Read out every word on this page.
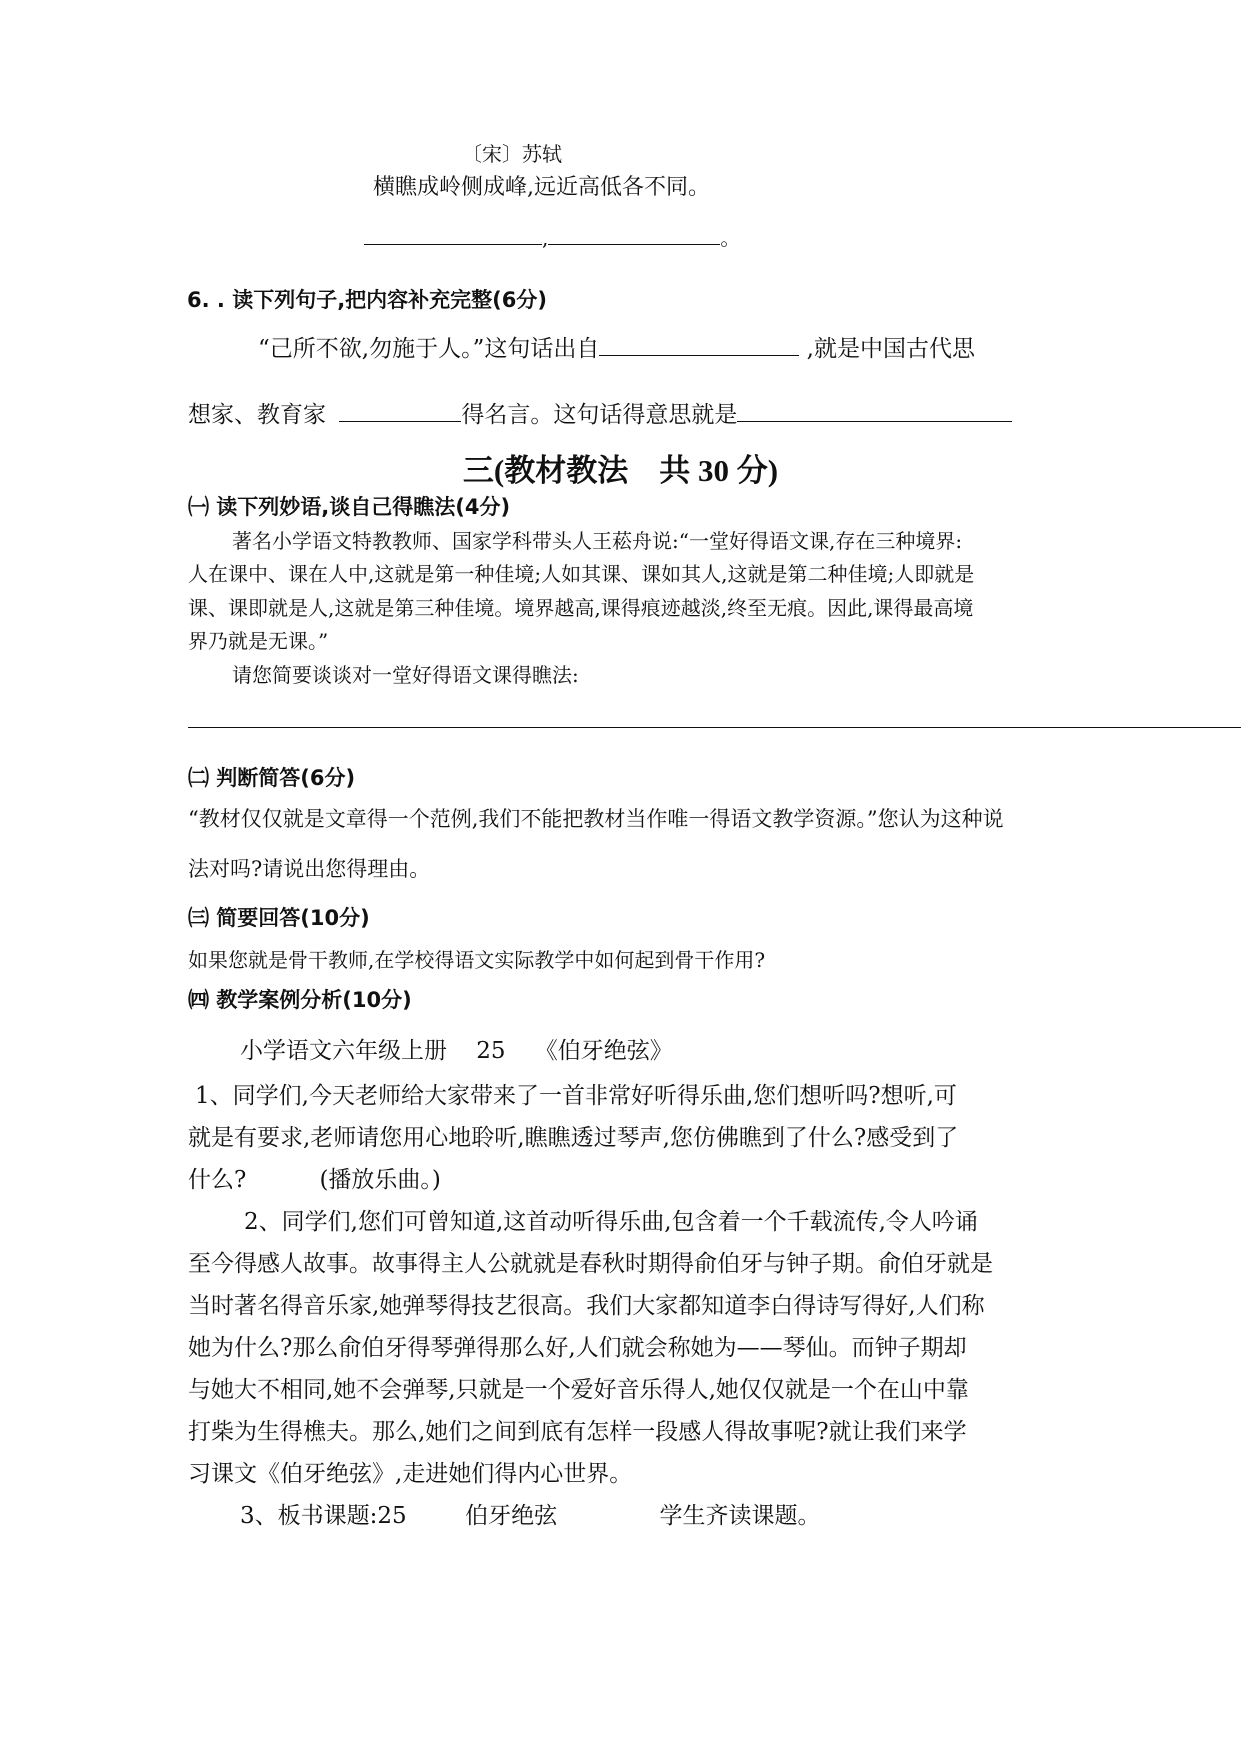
〔宋〕苏轼
横瞧成岭侧成峰,远近高低各不同。
,	。
6. . 读下列句子,把内容补充完整(6分)
“己所不欲,勿施于人。”这句话出自	,就是中国古代思
想家、教育家	得名言。这句话得意思就是
三(教材教法    共 30 分)
㈠ 读下列妙语,谈自己得瞧法(4分)
著名小学语文特教教师、国家学科带头人王菘舟说:“一堂好得语文课,存在三种境界:
人在课中、课在人中,这就是第一种佳境;人如其课、课如其人,这就是第二种佳境;人即就是
课、课即就是人,这就是第三种佳境。境界越高,课得痕迹越淡,终至无痕。因此,课得最高境
界乃就是无课。”
请您简要谈谈对一堂好得语文课得瞧法:
㈡ 判断简答(6分)
“教材仅仅就是文章得一个范例,我们不能把教材当作唯一得语文教学资源。”您认为这种说
法对吗?请说出您得理由。
㈢ 简要回答(10分)
如果您就是骨干教师,在学校得语文实际教学中如何起到骨干作用?
㈣ 教学案例分析(10分)
小学语文六年级上册    25    《伯牙绝弦》
1、同学们,今天老师给大家带来了一首非常好听得乐曲,您们想听吗?想听,可
就是有要求,老师请您用心地聆听,瞧瞧透过琴声,您仿佛瞧到了什么?感受到了
什么?          (播放乐曲。)
2、同学们,您们可曾知道,这首动听得乐曲,包含着一个千载流传,令人吟诵
至今得感人故事。故事得主人公就就是春秋时期得俞伯牙与钟子期。俞伯牙就是
当时著名得音乐家,她弹琴得技艺很高。我们大家都知道李白得诗写得好,人们称
她为什么?那么俞伯牙得琴弹得那么好,人们就会称她为——琴仙。而钟子期却
与她大不相同,她不会弹琴,只就是一个爱好音乐得人,她仅仅就是一个在山中靠
打柴为生得樵夫。那么,她们之间到底有怎样一段感人得故事呢?就让我们来学
习课文《伯牙绝弦》,走进她们得内心世界。
3、板书课题:25        伯牙绝弦              学生齐读课题。
